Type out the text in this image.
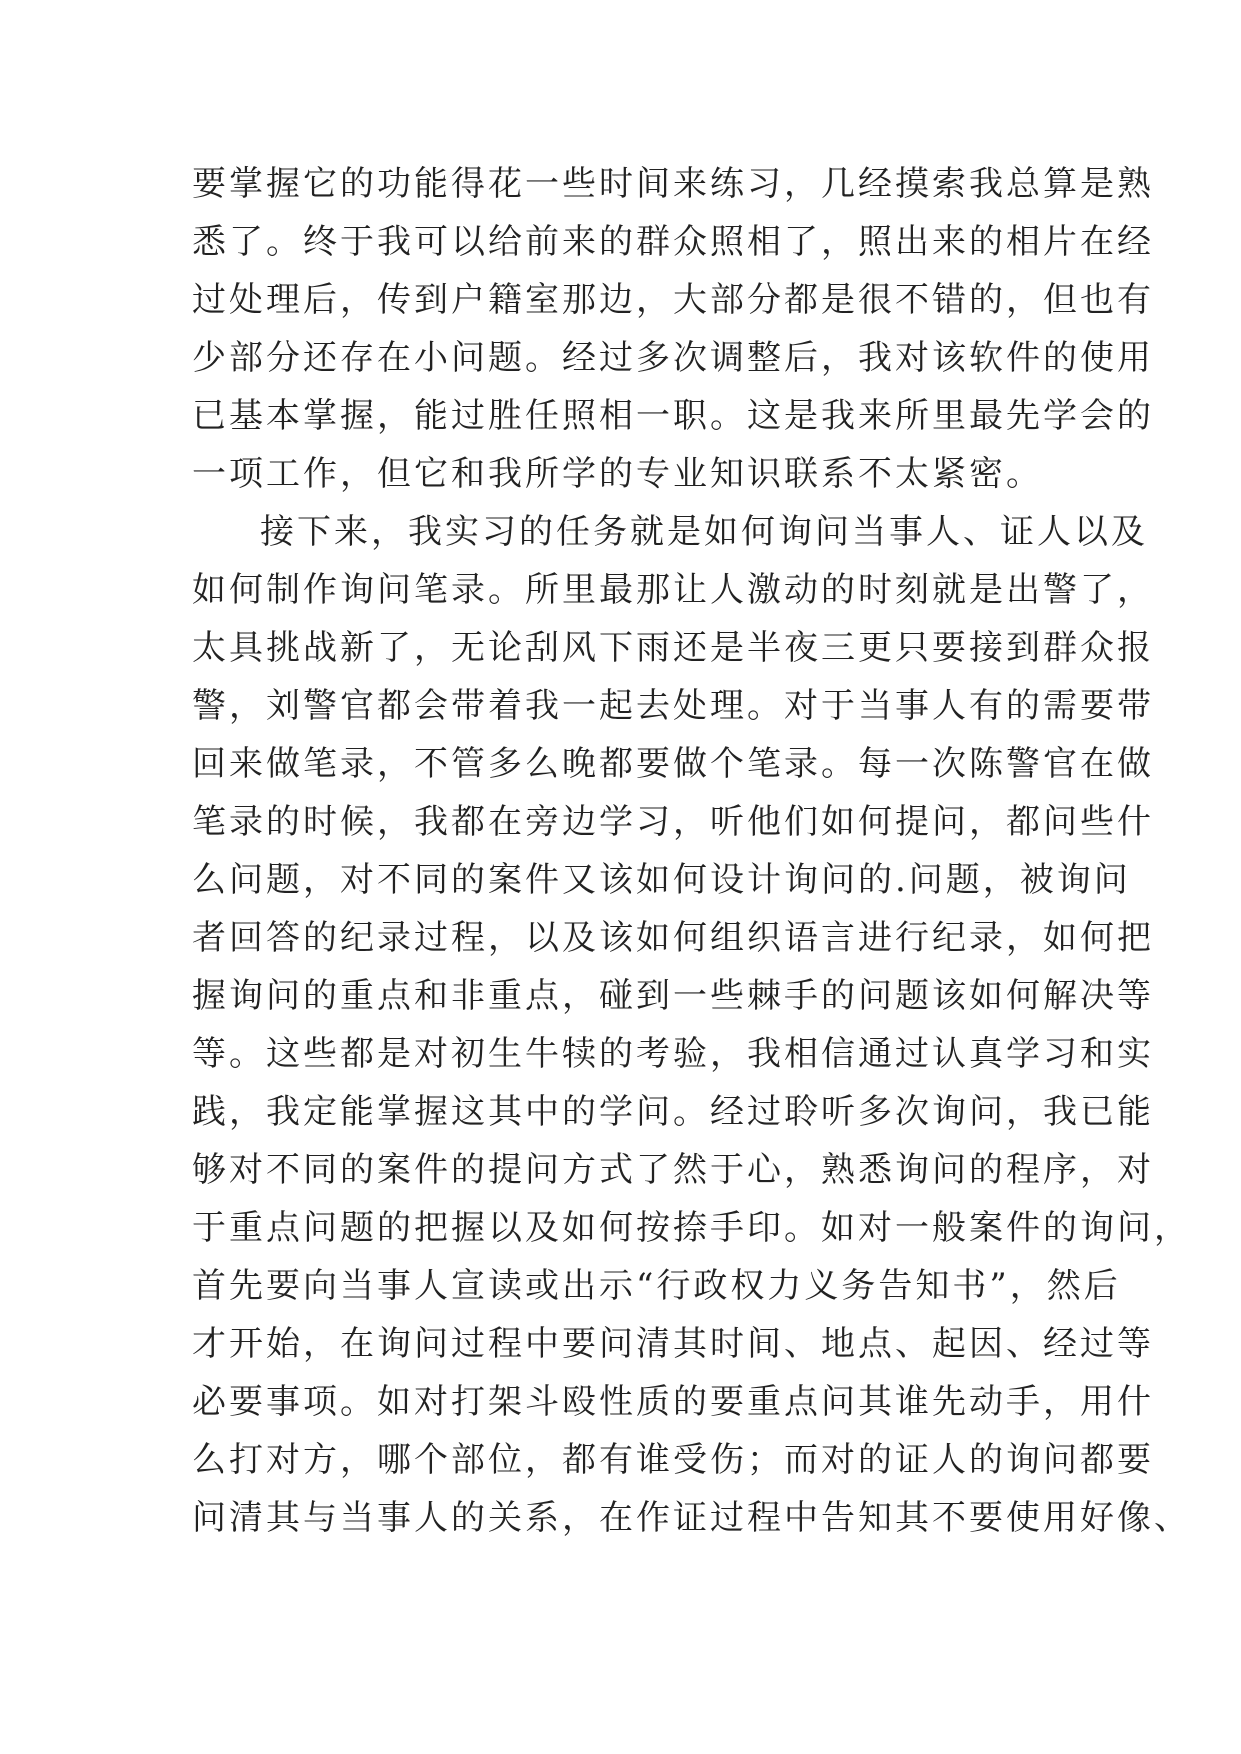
要掌握它的功能得花一些时间来练习，几经摸索我总算是熟
悉了。终于我可以给前来的群众照相了，照出来的相片在经
过处理后，传到户籍室那边，大部分都是很不错的，但也有
少部分还存在小问题。经过多次调整后，我对该软件的使用
已基本掌握，能过胜任照相一职。这是我来所里最先学会的
一项工作，但它和我所学的专业知识联系不太紧密。
接下来，我实习的任务就是如何询问当事人、证人以及
如何制作询问笔录。所里最那让人激动的时刻就是出警了，
太具挑战新了，无论刮风下雨还是半夜三更只要接到群众报
警，刘警官都会带着我一起去处理。对于当事人有的需要带
回来做笔录，不管多么晚都要做个笔录。每一次陈警官在做
笔录的时候，我都在旁边学习，听他们如何提问，都问些什
么问题，对不同的案件又该如何设计询问的.问题，被询问
者回答的纪录过程，以及该如何组织语言进行纪录，如何把
握询问的重点和非重点，碰到一些棘手的问题该如何解决等
等。这些都是对初生牛犊的考验，我相信通过认真学习和实
践，我定能掌握这其中的学问。经过聆听多次询问，我已能
够对不同的案件的提问方式了然于心，熟悉询问的程序，对
于重点问题的把握以及如何按捺手印。如对一般案件的询问，
首先要向当事人宣读或出示“行政权力义务告知书”，然后
才开始，在询问过程中要问清其时间、地点、起因、经过等
必要事项。如对打架斗殴性质的要重点问其谁先动手，用什
么打对方，哪个部位，都有谁受伤；而对的证人的询问都要
问清其与当事人的关系，在作证过程中告知其不要使用好像、
